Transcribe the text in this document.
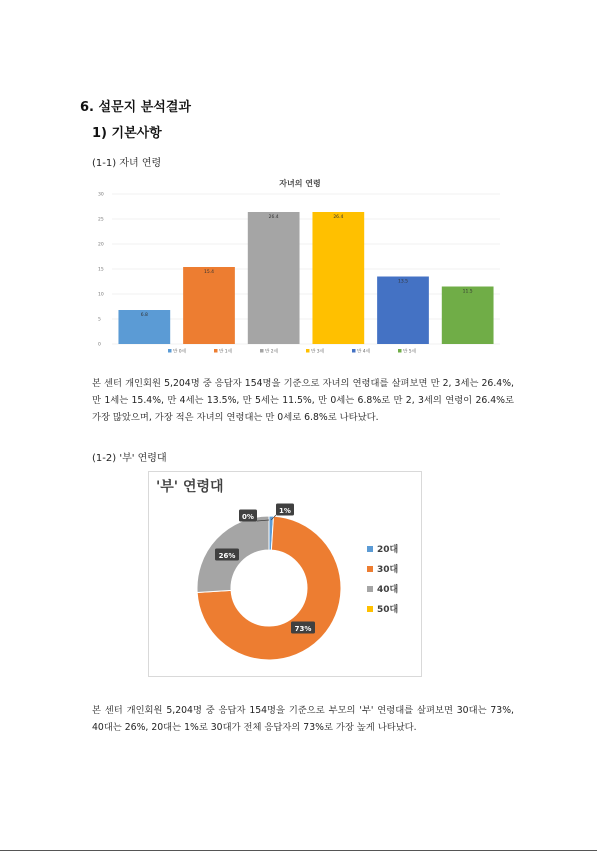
6. 설문지 분석결과
1) 기본사항
(1-1) 자녀 연령
자녀의 연령
0
5
10
15
20
25
30
6.8
15.4
26.4	26.4
13.5
11.5
만 0세	만 1세	만 2세	만 3세	만 4세	만 5세
본 센터 개인회원 5,204명 중 응답자 154명을 기준으로 자녀의 연령대를 살펴보면 만 2, 3세는 26.4%, 만 1세는 15.4%, 만 4세는 13.5%, 만 5세는 11.5%, 만 0세는 6.8%로 만 2, 3세의 연령이 26.4%로 가장 많았으며, 가장 적은 자녀의 연령대는 만 0세로 6.8%로 나타났다.
(1-2) '부' 연령대
'부' 연령대
1%
73%
26%
0%
20대
30대
40대
50대
본 센터 개인회원 5,204명 중 응답자 154명을 기준으로 부모의 '부' 연령대를 살펴보면 30대는 73%, 40대는 26%, 20대는 1%로 30대가 전체 응답자의 73%로 가장 높게 나타났다.
